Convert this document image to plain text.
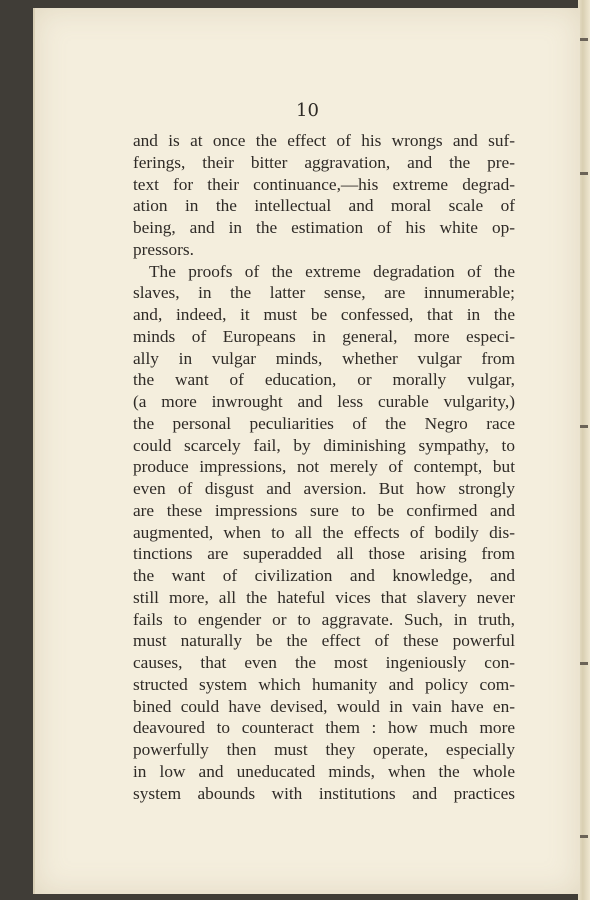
10
and is at once the effect of his wrongs and suf-
ferings, their bitter aggravation, and the pre-
text for their continuance,—his extreme degrad-
ation in the intellectual and moral scale of
being, and in the estimation of his white op-
pressors.
The proofs of the extreme degradation of the
slaves, in the latter sense, are innumerable;
and, indeed, it must be confessed, that in the
minds of Europeans in general, more especi-
ally in vulgar minds, whether vulgar from
the want of education, or morally vulgar,
(a more inwrought and less curable vulgarity,)
the personal peculiarities of the Negro race
could scarcely fail, by diminishing sympathy, to
produce impressions, not merely of contempt, but
even of disgust and aversion. But how strongly
are these impressions sure to be confirmed and
augmented, when to all the effects of bodily dis-
tinctions are superadded all those arising from
the want of civilization and knowledge, and
still more, all the hateful vices that slavery never
fails to engender or to aggravate. Such, in truth,
must naturally be the effect of these powerful
causes, that even the most ingeniously con-
structed system which humanity and policy com-
bined could have devised, would in vain have en-
deavoured to counteract them : how much more
powerfully then must they operate, especially
in low and uneducated minds, when the whole
system abounds with institutions and practices
